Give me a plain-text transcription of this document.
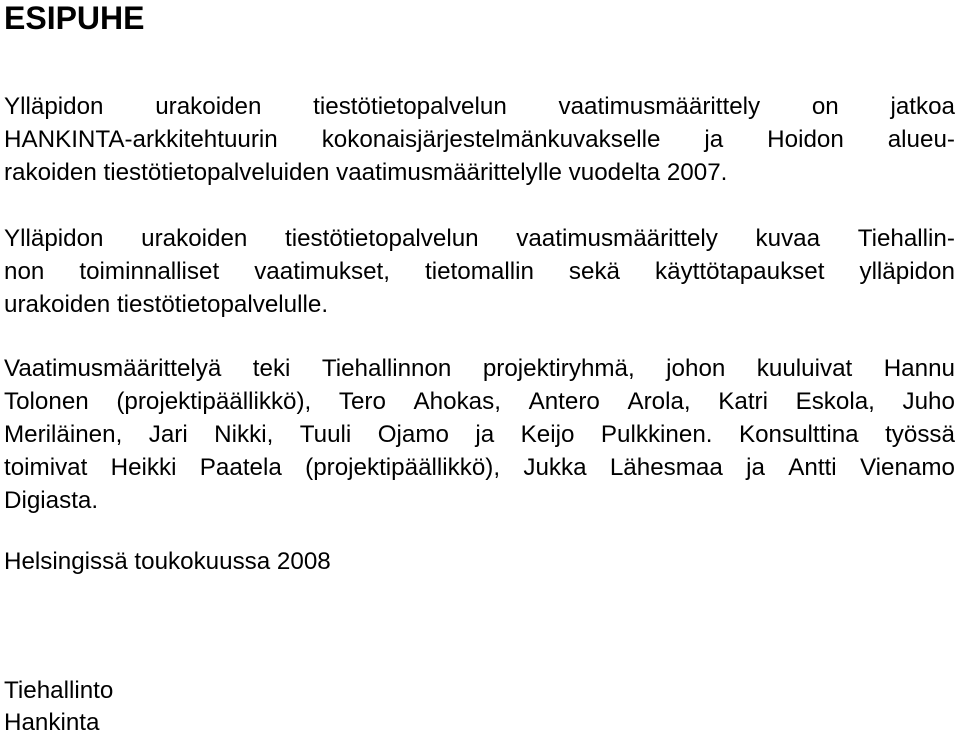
ESIPUHE
Ylläpidon urakoiden tiestötietopalvelun vaatimusmäärittely on jatkoa
HANKINTA-arkkitehtuurin kokonaisjärjestelmänkuvakselle ja Hoidon alueu-
rakoiden tiestötietopalveluiden vaatimusmäärittelylle vuodelta 2007.
Ylläpidon urakoiden tiestötietopalvelun vaatimusmäärittely kuvaa Tiehallin-
non toiminnalliset vaatimukset, tietomallin sekä käyttötapaukset ylläpidon
urakoiden tiestötietopalvelulle.
Vaatimusmäärittelyä teki Tiehallinnon projektiryhmä, johon kuuluivat Hannu
Tolonen (projektipäällikkö), Tero Ahokas, Antero Arola, Katri Eskola, Juho
Meriläinen, Jari Nikki, Tuuli Ojamo ja Keijo Pulkkinen. Konsulttina työssä
toimivat Heikki Paatela (projektipäällikkö), Jukka Lähesmaa ja Antti Vienamo
Digiasta.
Helsingissä toukokuussa 2008
Tiehallinto
Hankinta
